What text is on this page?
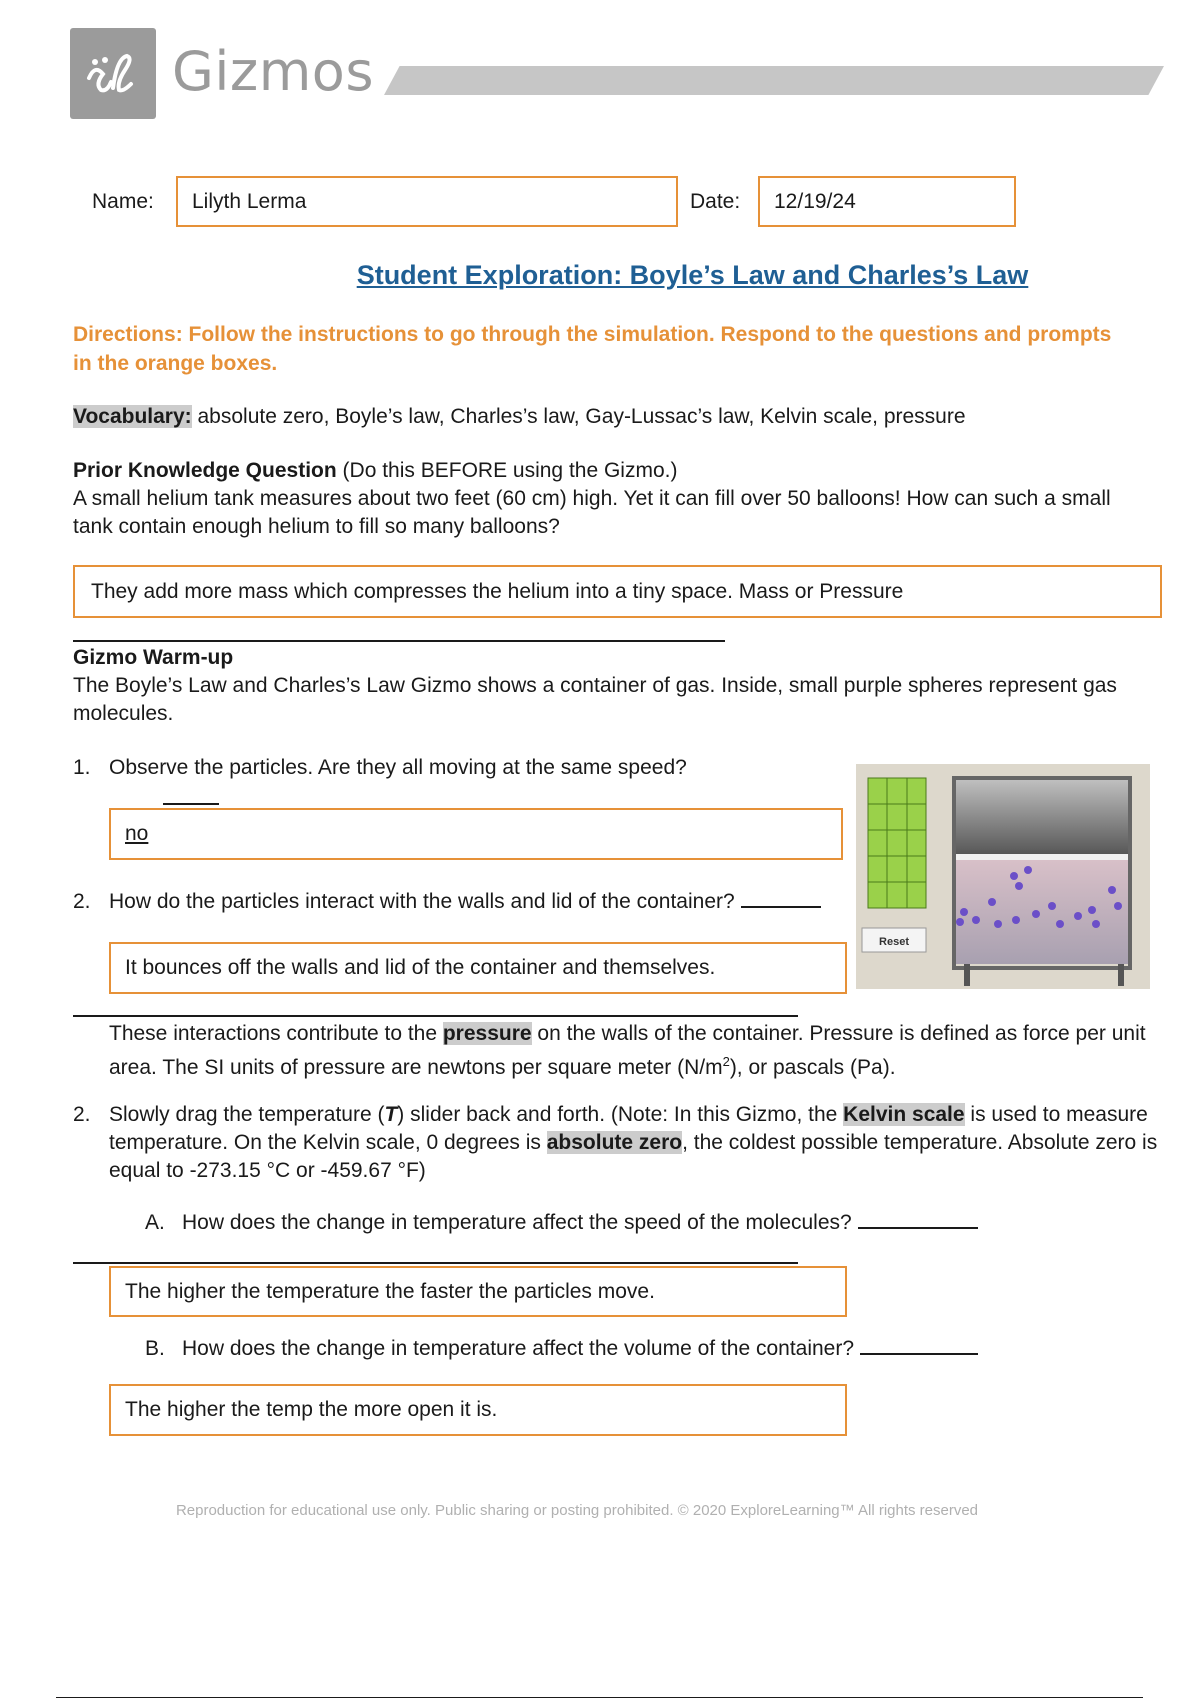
Gizmos
Name: Lilyth Lerma	Date: 12/19/24
Student Exploration: Boyle’s Law and Charles’s Law
Directions: Follow the instructions to go through the simulation. Respond to the questions and prompts in the orange boxes.
Vocabulary: absolute zero, Boyle’s law, Charles’s law, Gay-Lussac’s law, Kelvin scale, pressure
Prior Knowledge Question (Do this BEFORE using the Gizmo.)
A small helium tank measures about two feet (60 cm) high. Yet it can fill over 50 balloons! How can such a small tank contain enough helium to fill so many balloons?
They add more mass which compresses the helium into a tiny space. Mass or Pressure
Gizmo Warm-up
The Boyle’s Law and Charles’s Law Gizmo shows a container of gas. Inside, small purple spheres represent gas molecules.
1. Observe the particles. Are they all moving at the same speed?
no
2. How do the particles interact with the walls and lid of the container?
It bounces off the walls and lid of the container and themselves.
Reset
These interactions contribute to the pressure on the walls of the container. Pressure is defined as force per unit area. The SI units of pressure are newtons per square meter $(N/m^2)$, or pascals (Pa).
2. Slowly drag the temperature (T) slider back and forth. (Note: In this Gizmo, the Kelvin scale is used to measure temperature. On the Kelvin scale, 0 degrees is absolute zero, the coldest possible temperature. Absolute zero is equal to -273.15 °C or -459.67 °F)
A. How does the change in temperature affect the speed of the molecules?
The higher the temperature the faster the particles move.
B. How does the change in temperature affect the volume of the container?
The higher the temp the more open it is.
Reproduction for educational use only. Public sharing or posting prohibited. © 2020 ExploreLearning™ All rights reserved
